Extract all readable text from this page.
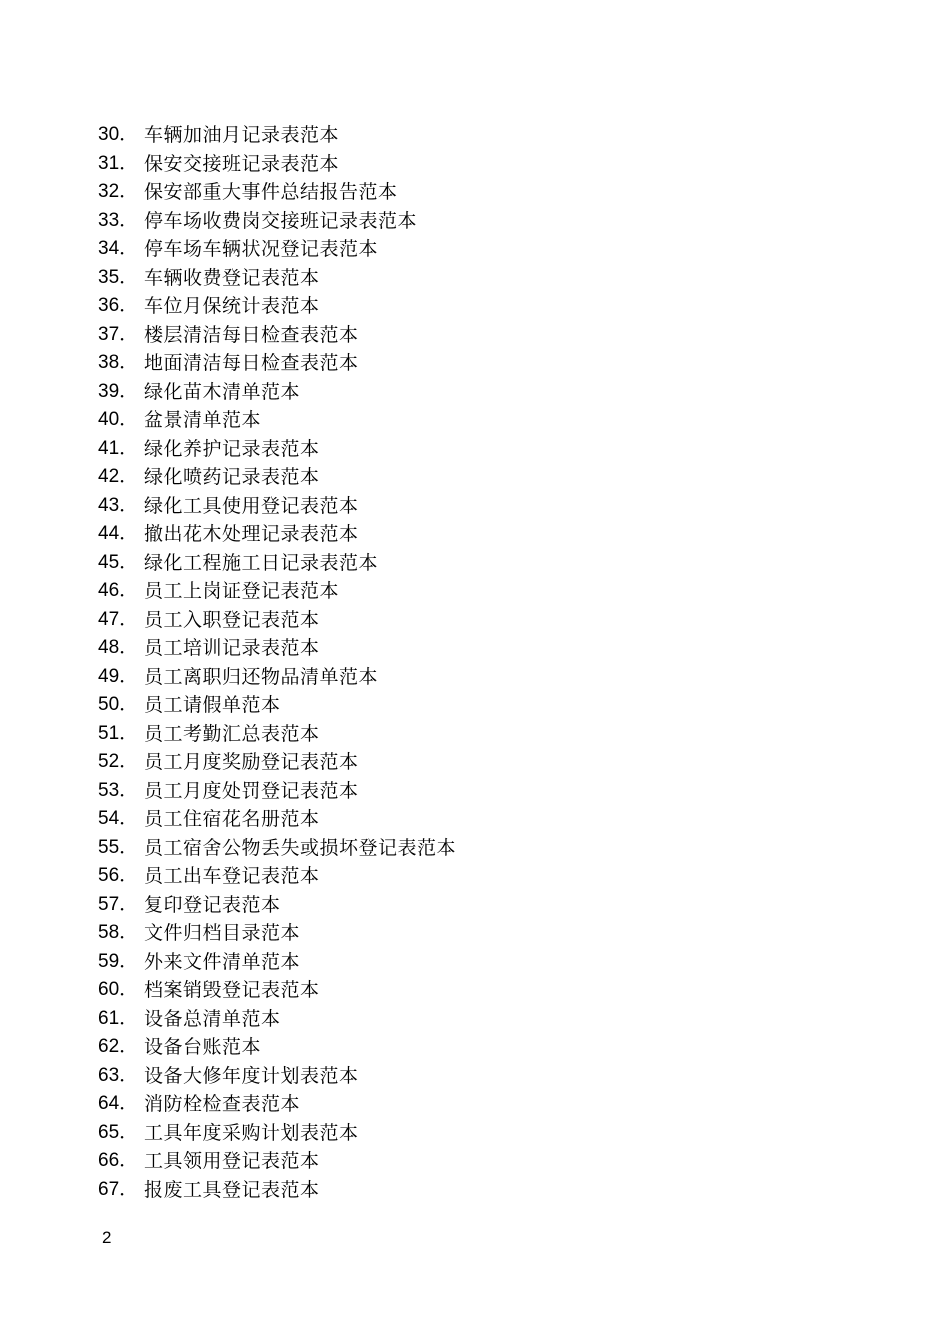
30． 车辆加油月记录表范本
31． 保安交接班记录表范本
32． 保安部重大事件总结报告范本
33． 停车场收费岗交接班记录表范本
34． 停车场车辆状况登记表范本
35． 车辆收费登记表范本
36． 车位月保统计表范本
37． 楼层清洁每日检查表范本
38． 地面清洁每日检查表范本
39． 绿化苗木清单范本
40． 盆景清单范本
41． 绿化养护记录表范本
42． 绿化喷药记录表范本
43． 绿化工具使用登记表范本
44． 撤出花木处理记录表范本
45． 绿化工程施工日记录表范本
46． 员工上岗证登记表范本
47． 员工入职登记表范本
48． 员工培训记录表范本
49． 员工离职归还物品清单范本
50． 员工请假单范本
51． 员工考勤汇总表范本
52． 员工月度奖励登记表范本
53． 员工月度处罚登记表范本
54． 员工住宿花名册范本
55． 员工宿舍公物丢失或损坏登记表范本
56． 员工出车登记表范本
57． 复印登记表范本
58． 文件归档目录范本
59． 外来文件清单范本
60． 档案销毁登记表范本
61． 设备总清单范本
62． 设备台账范本
63． 设备大修年度计划表范本
64． 消防栓检查表范本
65． 工具年度采购计划表范本
66． 工具领用登记表范本
67． 报废工具登记表范本
2
